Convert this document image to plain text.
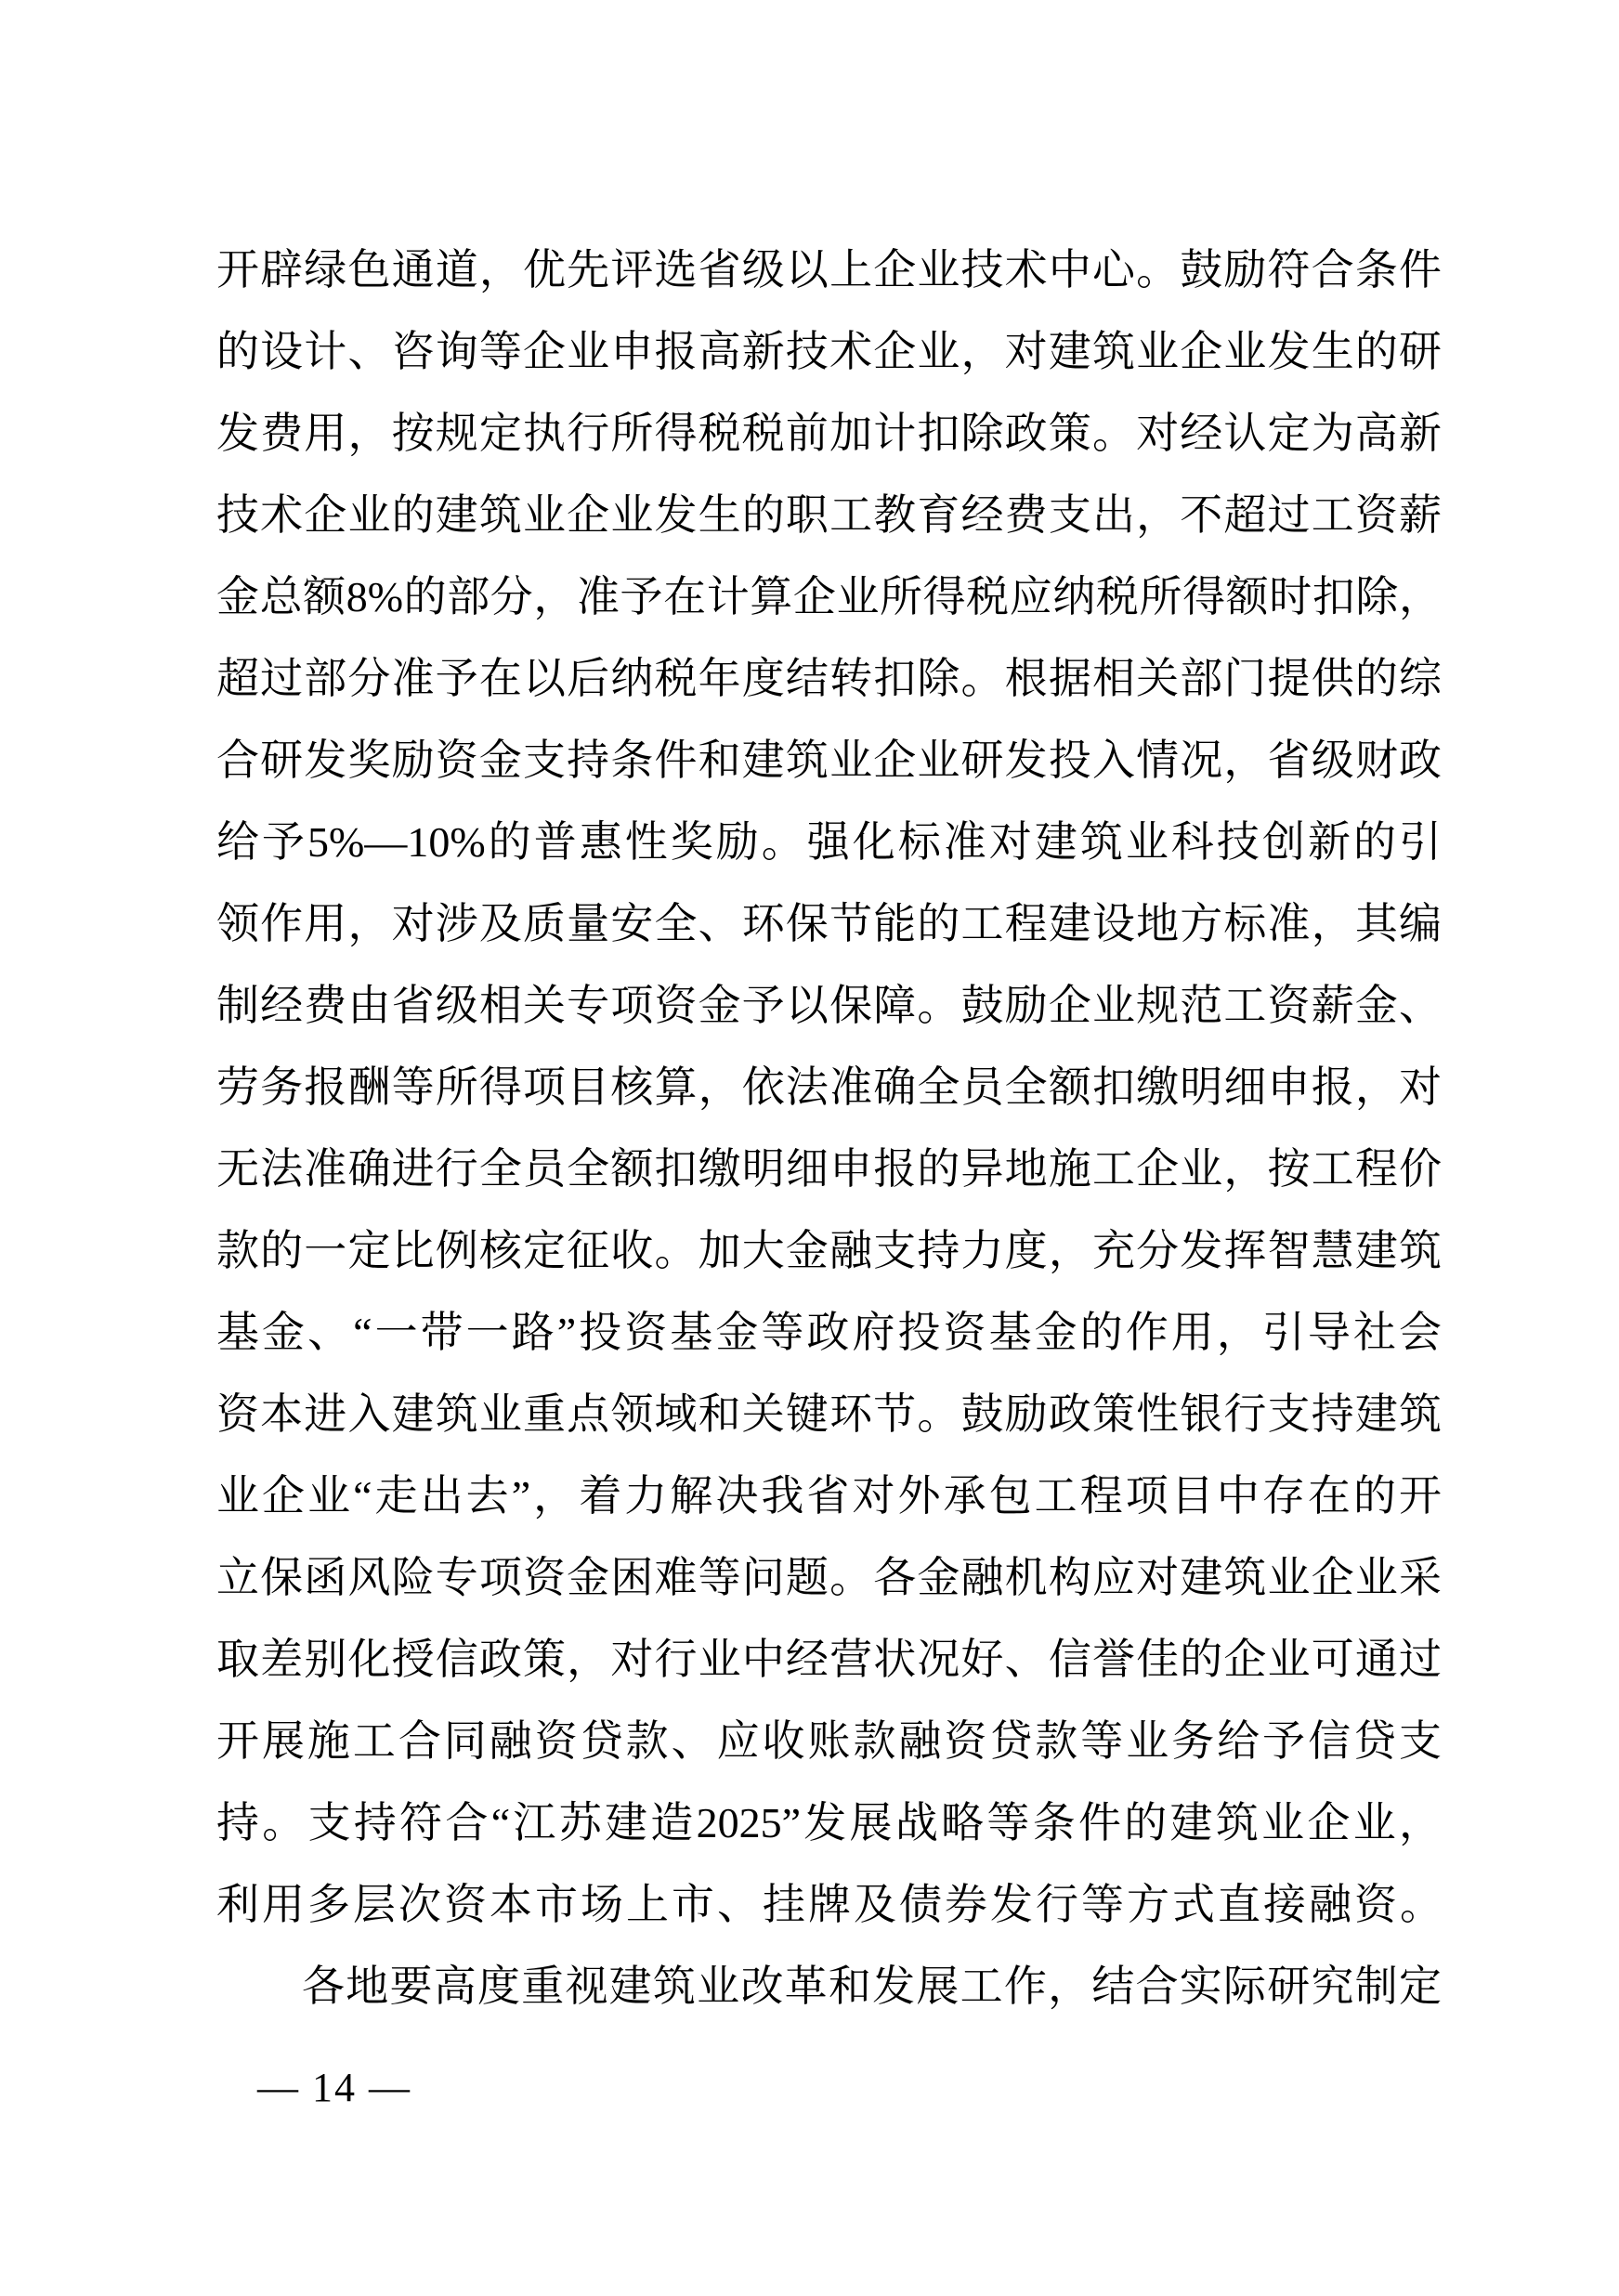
开辟绿色通道，优先评选省级以上企业技术中心。鼓励符合条件
的设计、咨询等企业申报高新技术企业，对建筑业企业发生的研
发费用，按规定执行所得税税前加计扣除政策。对经认定为高新
技术企业的建筑业企业发生的职工教育经费支出，不超过工资薪
金总额8%的部分，准予在计算企业所得税应纳税所得额时扣除，
超过部分准予在以后纳税年度结转扣除。根据相关部门提供的综
合研发奖励资金支持条件和建筑业企业研发投入情况，省级财政
给予5%—10%的普惠性奖励。强化标准对建筑业科技创新的引
领作用，对涉及质量安全、环保节能的工程建设地方标准，其编
制经费由省级相关专项资金予以保障。鼓励企业规范工资薪金、
劳务报酬等所得项目核算，依法准确全员全额扣缴明细申报，对
无法准确进行全员全额扣缴明细申报的异地施工企业，按工程价
款的一定比例核定征收。加大金融支持力度，充分发挥智慧建筑
基金、“一带一路”投资基金等政府投资基金的作用，引导社会
资本进入建筑业重点领域和关键环节。鼓励政策性银行支持建筑
业企业“走出去”，着力解决我省对外承包工程项目中存在的开
立保函风险专项资金困难等问题。各金融机构应对建筑业企业采
取差别化授信政策，对行业中经营状况好、信誉佳的企业可通过
开展施工合同融资贷款、应收账款融资贷款等业务给予信贷支
持。支持符合“江苏建造2025”发展战略等条件的建筑业企业，
利用多层次资本市场上市、挂牌及债券发行等方式直接融资。
各地要高度重视建筑业改革和发展工作，结合实际研究制定
— 14 —
